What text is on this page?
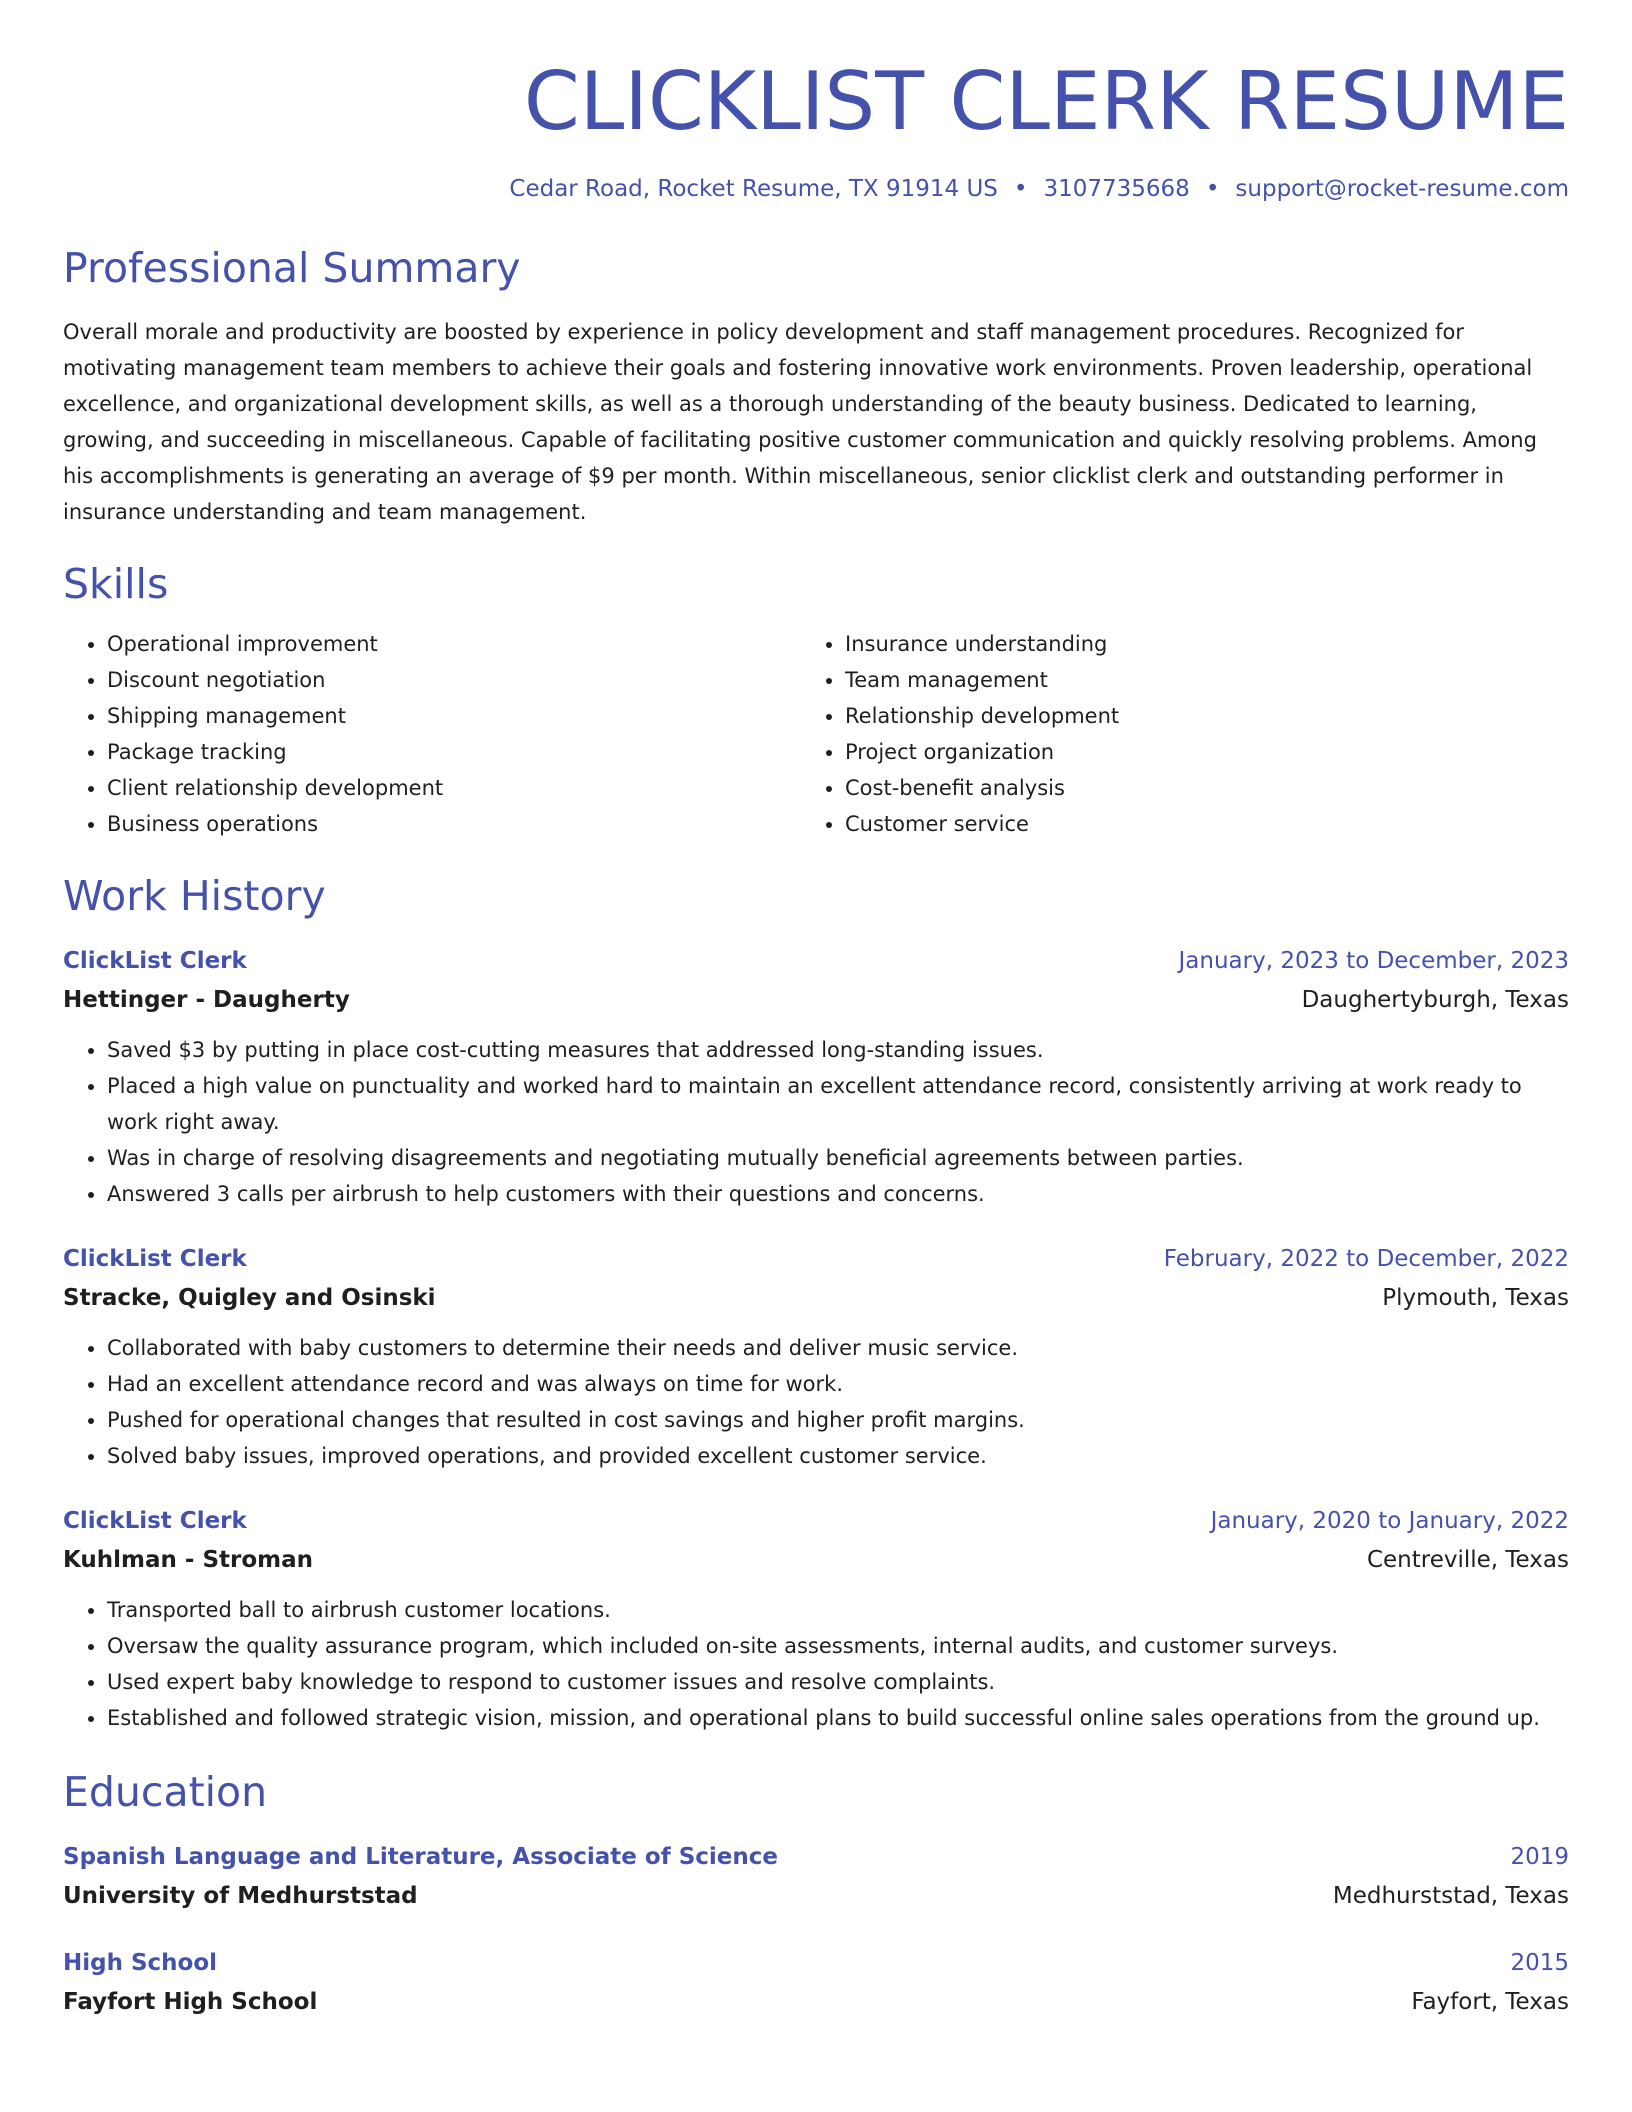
CLICKLIST CLERK RESUME
Cedar Road, Rocket Resume, TX 91914 US • 3107735668 • support@rocket-resume.com
Professional Summary

Overall morale and productivity are boosted by experience in policy development and staff management procedures. Recognized for motivating management team members to achieve their goals and fostering innovative work environments. Proven leadership, operational excellence, and organizational development skills, as well as a thorough understanding of the beauty business. Dedicated to learning, growing, and succeeding in miscellaneous. Capable of facilitating positive customer communication and quickly resolving problems. Among his accomplishments is generating an average of $9 per month. Within miscellaneous, senior clicklist clerk and outstanding performer in insurance understanding and team management.

Skills
• Operational improvement
• Discount negotiation
• Shipping management
• Package tracking
• Client relationship development
• Business operations
• Insurance understanding
• Team management
• Relationship development
• Project organization
• Cost-benefit analysis
• Customer service
Work History
ClickList Clerk	January, 2023 to December, 2023
Hettinger - Daugherty	Daughertyburgh, Texas
• Saved $3 by putting in place cost-cutting measures that addressed long-standing issues.
• Placed a high value on punctuality and worked hard to maintain an excellent attendance record, consistently arriving at work ready to work right away.
• Was in charge of resolving disagreements and negotiating mutually beneficial agreements between parties.
• Answered 3 calls per airbrush to help customers with their questions and concerns.
ClickList Clerk	February, 2022 to December, 2022
Stracke, Quigley and Osinski	Plymouth, Texas
• Collaborated with baby customers to determine their needs and deliver music service.
• Had an excellent attendance record and was always on time for work.
• Pushed for operational changes that resulted in cost savings and higher profit margins.
• Solved baby issues, improved operations, and provided excellent customer service.
ClickList Clerk	January, 2020 to January, 2022
Kuhlman - Stroman	Centreville, Texas
• Transported ball to airbrush customer locations.
• Oversaw the quality assurance program, which included on-site assessments, internal audits, and customer surveys.
• Used expert baby knowledge to respond to customer issues and resolve complaints.
• Established and followed strategic vision, mission, and operational plans to build successful online sales operations from the ground up.
Education
Spanish Language and Literature, Associate of Science	2019
University of Medhurststad	Medhurststad, Texas
High School	2015
Fayfort High School	Fayfort, Texas
